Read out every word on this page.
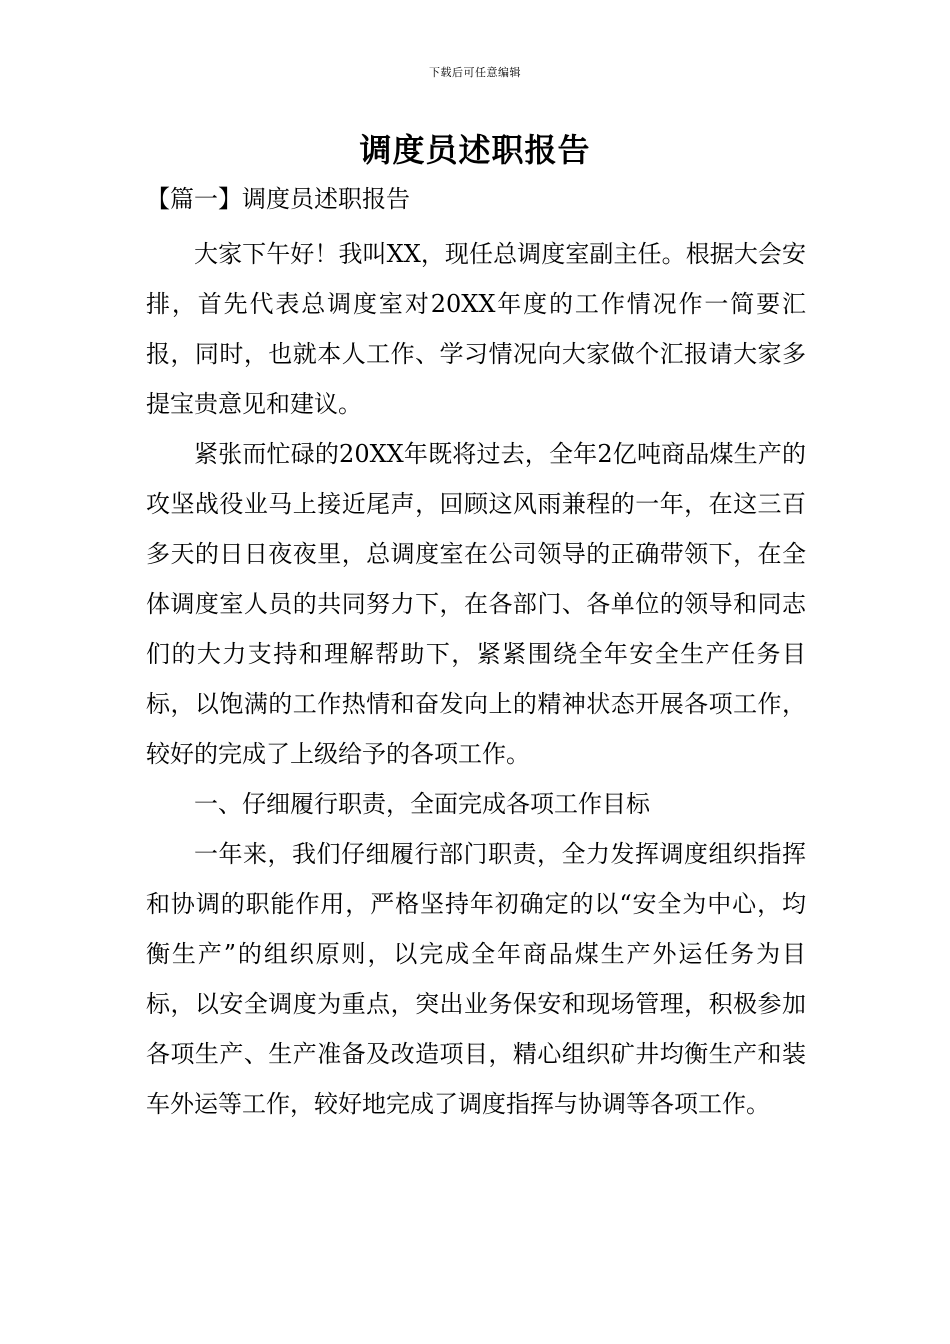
下载后可任意编辑
调度员述职报告
【篇一】调度员述职报告

大家下午好！我叫XX，现任总调度室副主任。根据大会安排，首先代表总调度室对20XX年度的工作情况作一简要汇报，同时，也就本人工作、学习情况向大家做个汇报请大家多提宝贵意见和建议。

紧张而忙碌的20XX年既将过去，全年2亿吨商品煤生产的攻坚战役业马上接近尾声，回顾这风雨兼程的一年，在这三百多天的日日夜夜里，总调度室在公司领导的正确带领下，在全体调度室人员的共同努力下，在各部门、各单位的领导和同志们的大力支持和理解帮助下，紧紧围绕全年安全生产任务目标，以饱满的工作热情和奋发向上的精神状态开展各项工作，较好的完成了上级给予的各项工作。

一、仔细履行职责，全面完成各项工作目标

一年来，我们仔细履行部门职责，全力发挥调度组织指挥和协调的职能作用，严格坚持年初确定的以“安全为中心，均衡生产”的组织原则，以完成全年商品煤生产外运任务为目标，以安全调度为重点，突出业务保安和现场管理，积极参加各项生产、生产准备及改造项目，精心组织矿井均衡生产和装车外运等工作，较好地完成了调度指挥与协调等各项工作。
